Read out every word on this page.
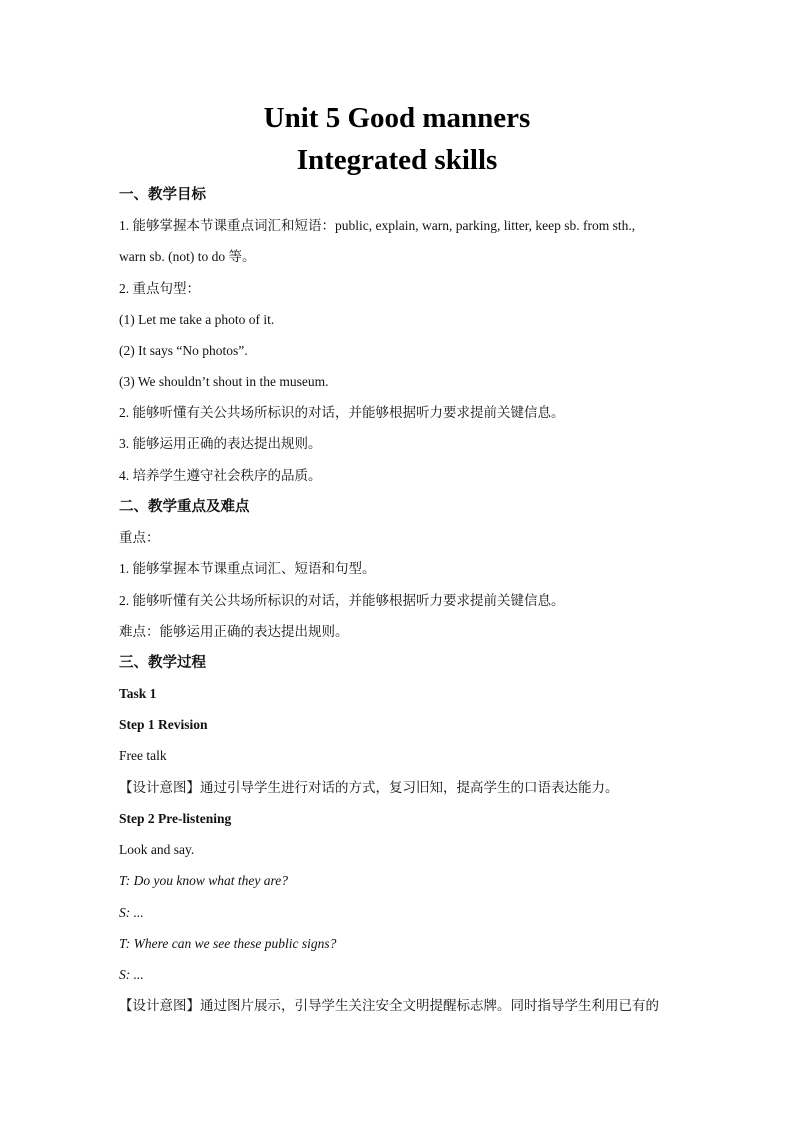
Unit 5 Good manners
Integrated skills
一、教学目标
1. 能够掌握本节课重点词汇和短语：public, explain, warn, parking, litter, keep sb. from sth.,
warn sb. (not) to do 等。
2. 重点句型：
(1) Let me take a photo of it.
(2) It says “No photos”.
(3) We shouldn’t shout in the museum.
2. 能够听懂有关公共场所标识的对话，并能够根据听力要求提前关键信息。
3. 能够运用正确的表达提出规则。
4. 培养学生遵守社会秩序的品质。
二、教学重点及难点
重点：
1. 能够掌握本节课重点词汇、短语和句型。
2. 能够听懂有关公共场所标识的对话，并能够根据听力要求提前关键信息。
难点：能够运用正确的表达提出规则。
三、教学过程
Task 1
Step 1 Revision
Free talk
【设计意图】通过引导学生进行对话的方式，复习旧知，提高学生的口语表达能力。
Step 2 Pre-listening
Look and say.
T: Do you know what they are?
S: ...
T: Where can we see these public signs?
S: ...
【设计意图】通过图片展示，引导学生关注安全文明提醒标志牌。同时指导学生利用已有的
